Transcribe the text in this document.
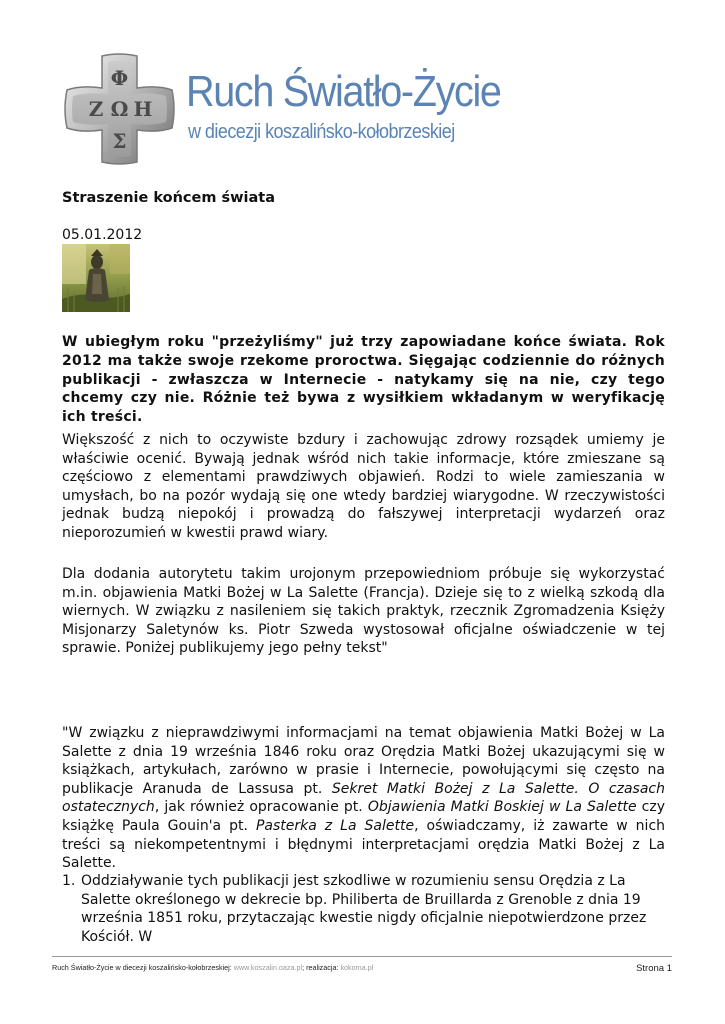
Φ
Ζ Ω Η
Σ
Ruch Światło-Życie
w diecezji koszalińsko-kołobrzeskiej
Straszenie końcem świata
05.01.2012

W ubiegłym roku "przeżyliśmy" już trzy zapowiadane końce świata. Rok 2012 ma także swoje rzekome proroctwa. Sięgając codziennie do różnych publikacji - zwłaszcza w Internecie - natykamy się na nie, czy tego chcemy czy nie. Różnie też bywa z wysiłkiem wkładanym w weryfikację ich treści.

Większość z nich to oczywiste bzdury i zachowując zdrowy rozsądek umiemy je właściwie ocenić. Bywają jednak wśród nich takie informacje, które zmieszane są częściowo z elementami prawdziwych objawień. Rodzi to wiele zamieszania w umysłach, bo na pozór wydają się one wtedy bardziej wiarygodne. W rzeczywistości jednak budzą niepokój i prowadzą do fałszywej interpretacji wydarzeń oraz nieporozumień w kwestii prawd wiary.

Dla dodania autorytetu takim urojonym przepowiedniom próbuje się wykorzystać m.in. objawienia Matki Bożej w La Salette (Francja). Dzieje się to z wielką szkodą dla wiernych. W związku z nasileniem się takich praktyk, rzecznik Zgromadzenia Księży Misjonarzy Saletynów ks. Piotr Szweda wystosował oficjalne oświadczenie w tej sprawie. Poniżej publikujemy jego pełny tekst"

"W związku z nieprawdziwymi informacjami na temat objawienia Matki Bożej w La Salette z dnia 19 września 1846 roku oraz Orędzia Matki Bożej ukazującymi się w książkach, artykułach, zarówno w prasie i Internecie, powołującymi się często na publikacje Aranuda de Lassusa pt. Sekret Matki Bożej z La Salette. O czasach ostatecznych, jak również opracowanie pt. Objawienia Matki Boskiej w La Salette czy książkę Paula Gouin'a pt. Pasterka z La Salette, oświadczamy, iż zawarte w nich treści są niekompetentnymi i błędnymi interpretacjami orędzia Matki Bożej z La Salette.

1. Oddziaływanie tych publikacji jest szkodliwe w rozumieniu sensu Orędzia z La Salette określonego w dekrecie bp. Philiberta de Bruillarda z Grenoble z dnia 19 września 1851 roku, przytaczając kwestie nigdy oficjalnie niepotwierdzone przez Kościół. W
Ruch Światło-Życie w diecezji koszalińsko-kołobrzeskiej: www.koszalin.oaza.pl; realizacja: kokoma.pl	Strona 1
